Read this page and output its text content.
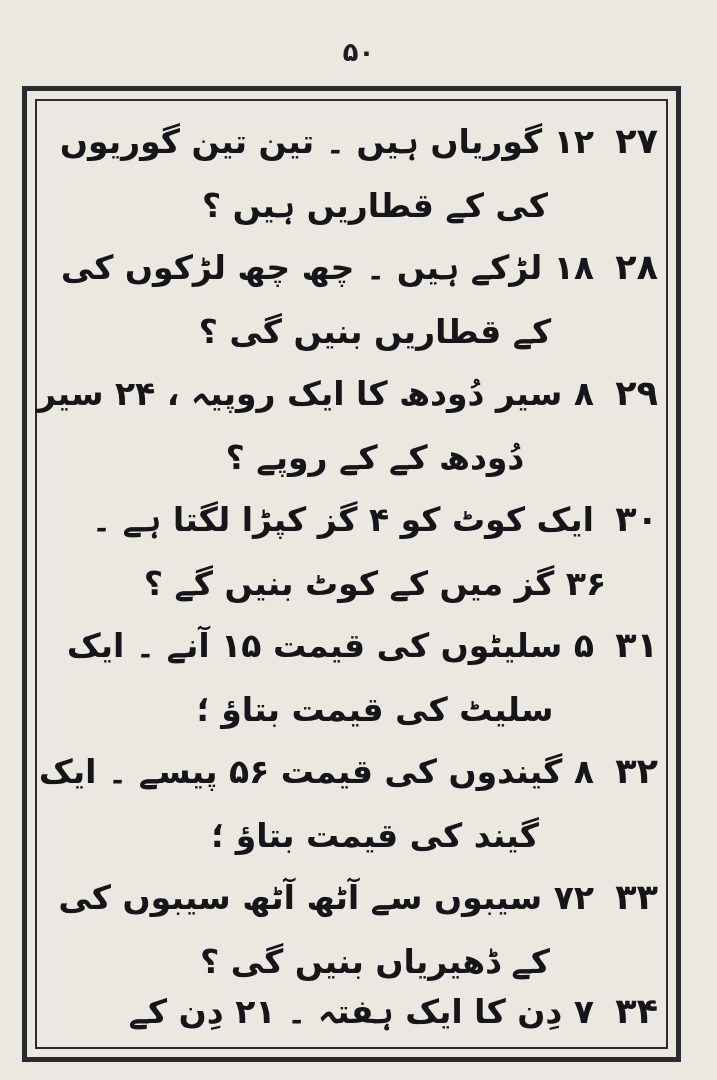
۵۰
۲۷
۱۲ گوریاں ہیں ۔ تین تین گوریوں
کی کے قطاریں ہیں ؟
۲۸
۱۸ لڑکے ہیں ۔ چھ چھ لڑکوں کی
کے قطاریں بنیں گی ؟
۲۹
۸ سیر دُودھ کا ایک روپیہ ، ۲۴ سیر
دُودھ کے کے روپے ؟
۳۰
ایک کوٹ کو ۴ گز کپڑا لگتا ہے ۔
۳۶ گز میں کے کوٹ بنیں گے ؟
۳۱
۵ سلیٹوں کی قیمت ۱۵ آنے ۔ ایک
سلیٹ کی قیمت بتاؤ ؛
۳۲
۸ گیندوں کی قیمت ۵۶ پیسے ۔ ایک
گیند کی قیمت بتاؤ ؛
۳۳
۷۲ سیبوں سے آٹھ آٹھ سیبوں کی
کے ڈھیریاں بنیں گی ؟
۳۴
۷ دِن کا ایک ہفتہ ۔ ۲۱ دِن کے
